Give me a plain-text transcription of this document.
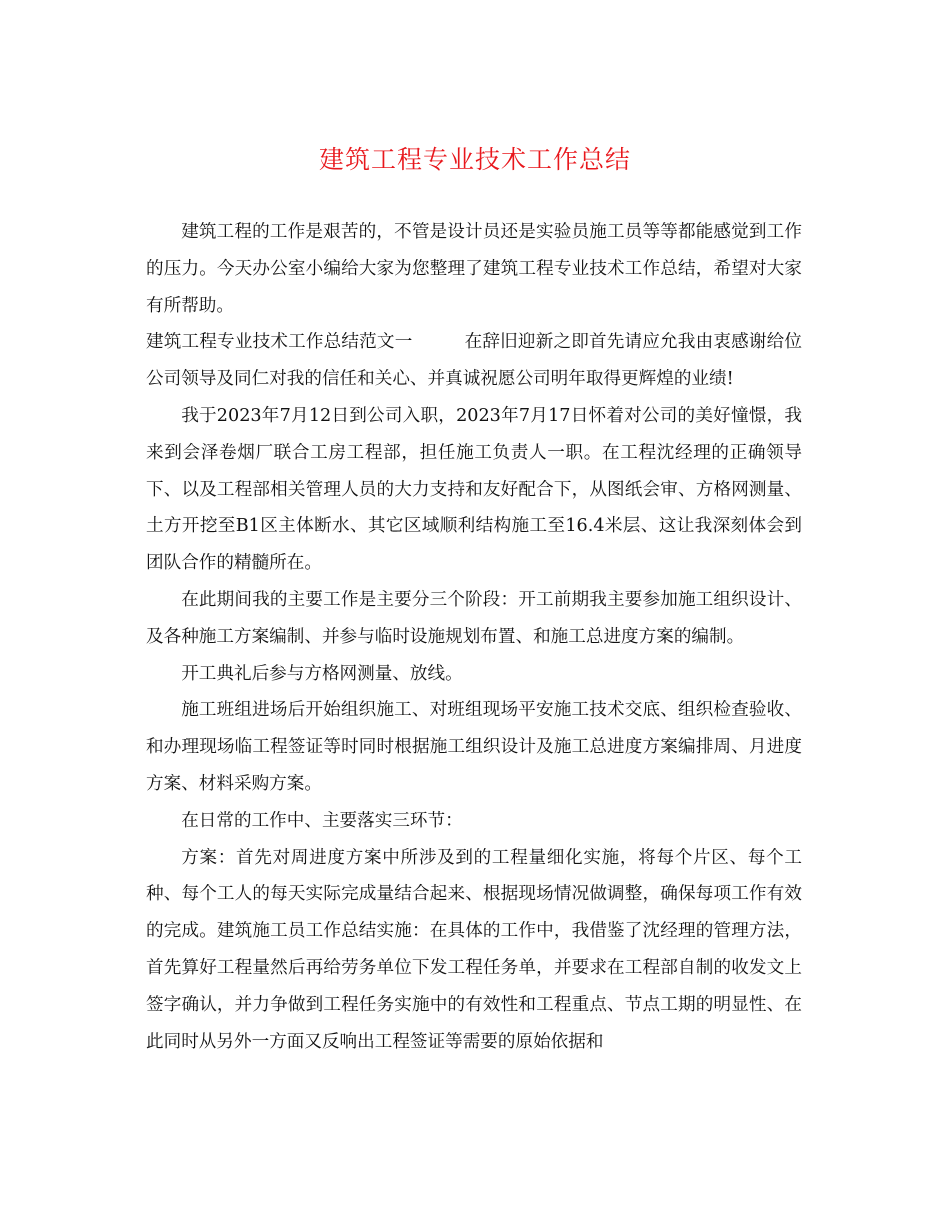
建筑工程专业技术工作总结

建筑工程的工作是艰苦的，不管是设计员还是实验员施工员等等都能感觉到工作的压力。今天办公室小编给大家为您整理了建筑工程专业技术工作总结，希望对大家有所帮助。

建筑工程专业技术工作总结范文一	在辞旧迎新之即首先请应允我由衷感谢给位公司领导及同仁对我的信任和关心、并真诚祝愿公司明年取得更辉煌的业绩!

我于2023年7月12日到公司入职，2023年7月17日怀着对公司的美好憧憬，我来到会泽卷烟厂联合工房工程部，担任施工负责人一职。在工程沈经理的正确领导下、以及工程部相关管理人员的大力支持和友好配合下，从图纸会审、方格网测量、土方开挖至B1区主体断水、其它区域顺利结构施工至16.4米层、这让我深刻体会到团队合作的精髓所在。

在此期间我的主要工作是主要分三个阶段：开工前期我主要参加施工组织设计、及各种施工方案编制、并参与临时设施规划布置、和施工总进度方案的编制。

开工典礼后参与方格网测量、放线。

施工班组进场后开始组织施工、对班组现场平安施工技术交底、组织检查验收、和办理现场临工程签证等时同时根据施工组织设计及施工总进度方案编排周、月进度方案、材料采购方案。

在日常的工作中、主要落实三环节：

方案：首先对周进度方案中所涉及到的工程量细化实施，将每个片区、每个工种、每个工人的每天实际完成量结合起来、根据现场情况做调整，确保每项工作有效的完成。建筑施工员工作总结实施：在具体的工作中，我借鉴了沈经理的管理方法，首先算好工程量然后再给劳务单位下发工程任务单，并要求在工程部自制的收发文上签字确认，并力争做到工程任务实施中的有效性和工程重点、节点工期的明显性、在此同时从另外一方面又反响出工程签证等需要的原始依据和
